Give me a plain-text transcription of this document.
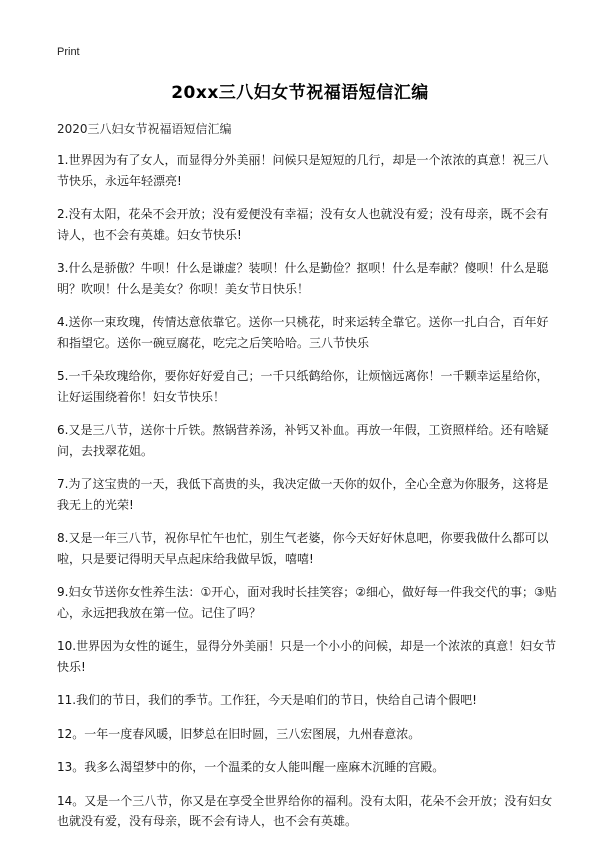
Print
20xx三八妇女节祝福语短信汇编
2020三八妇女节祝福语短信汇编

1.世界因为有了女人，而显得分外美丽！问候只是短短的几行，却是一个浓浓的真意！祝三八节快乐，永远年轻漂亮!

2.没有太阳，花朵不会开放；没有爱便没有幸福；没有女人也就没有爱；没有母亲，既不会有诗人，也不会有英雄。妇女节快乐!

3.什么是骄傲？牛呗！什么是谦虚？装呗！什么是勤俭？抠呗！什么是奉献？傻呗！什么是聪明？吹呗！什么是美女？你呗！美女节日快乐！

4.送你一束玫瑰，传情达意依靠它。送你一只桃花，时来运转全靠它。送你一扎白合，百年好和指望它。送你一碗豆腐花，吃完之后笑哈哈。三八节快乐

5.一千朵玫瑰给你，要你好好爱自己；一千只纸鹤给你，让烦恼远离你！一千颗幸运星给你，让好运围绕着你！妇女节快乐！

6.又是三八节，送你十斤铁。熬锅营养汤，补钙又补血。再放一年假，工资照样给。还有啥疑问，去找翠花姐。

7.为了这宝贵的一天，我低下高贵的头，我决定做一天你的奴仆，全心全意为你服务，这将是我无上的光荣!

8.又是一年三八节，祝你早忙午也忙，别生气老婆，你今天好好休息吧，你要我做什么都可以啦，只是要记得明天早点起床给我做早饭，嘻嘻!

9.妇女节送你女性养生法：①开心，面对我时长挂笑容；②细心，做好每一件我交代的事；③贴心，永远把我放在第一位。记住了吗？

10.世界因为女性的诞生，显得分外美丽！只是一个小小的问候，却是一个浓浓的真意！妇女节快乐!

11.我们的节日，我们的季节。工作狂，今天是咱们的节日，快给自己请个假吧!

12。一年一度春风暖，旧梦总在旧时圆，三八宏图展，九州春意浓。

13。我多么渴望梦中的你，一个温柔的女人能叫醒一座麻木沉睡的宫殿。

14。又是一个三八节，你又是在享受全世界给你的福利。没有太阳，花朵不会开放；没有妇女也就没有爱，没有母亲，既不会有诗人，也不会有英雄。
